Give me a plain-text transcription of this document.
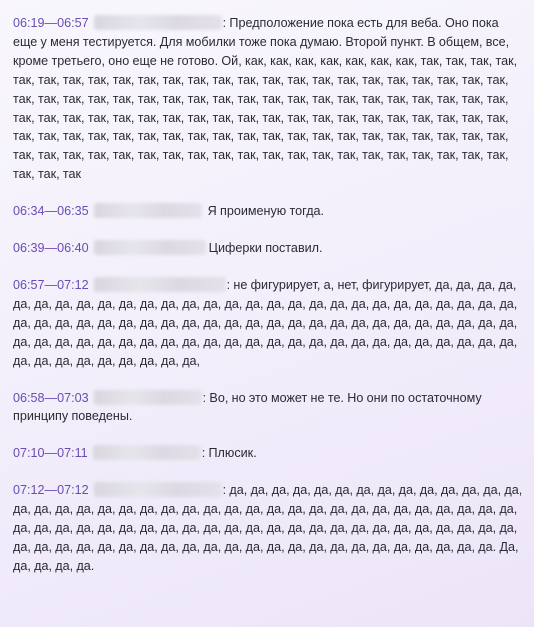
06:19—06:57	: Предположение пока есть для веба. Оно пока еще у меня тестируется. Для мобилки тоже пока думаю. Второй пункт. В общем, все, кроме третьего, оно еще не готово. Ой, как, как, как, как, как, как, как, так, так, так, так, так, так, так, так, так, так, так, так, так, так, так, так, так, так, так, так, так, так, так, так, так, так, так, так, так, так, так, так, так, так, так, так, так, так, так, так, так, так, так, так, так, так, так, так, так, так, так, так, так, так, так, так, так, так, так, так, так, так, так, так, так, так, так, так, так, так, так, так, так, так, так, так, так, так, так, так, так, так, так, так, так, так, так, так, так, так, так, так, так, так, так, так, так, так, так, так, так, так, так, так, так, так, так

06:34—06:35	Я проименую тогда.

06:39—06:40	Циферки поставил.

06:57—07:12	: не фигурирует, а, нет, фигурирует, да, да, да, да, да, да, да, да, да, да, да, да, да, да, да, да, да, да, да, да, да, да, да, да, да, да, да, да, да, да, да, да, да, да, да, да, да, да, да, да, да, да, да, да, да, да, да, да, да, да, да, да, да, да, да, да, да, да, да, да, да, да, да, да, да, да, да, да, да, да, да, да, да, да, да, да, да, да, да, да, да, да, да, да, да,

06:58—07:03	: Во, но это может не те. Но они по остаточному принципу поведены.

07:10—07:11	: Плюсик.

07:12—07:12	: да, да, да, да, да, да, да, да, да, да, да, да, да, да, да, да, да, да, да, да, да, да, да, да, да, да, да, да, да, да, да, да, да, да, да, да, да, да, да, да, да, да, да, да, да, да, да, да, да, да, да, да, да, да, да, да, да, да, да, да, да, да, да, да, да, да, да, да, да, да, да, да, да, да, да, да, да, да, да, да, да, да, да, да, да. Да, да, да, да, да.
